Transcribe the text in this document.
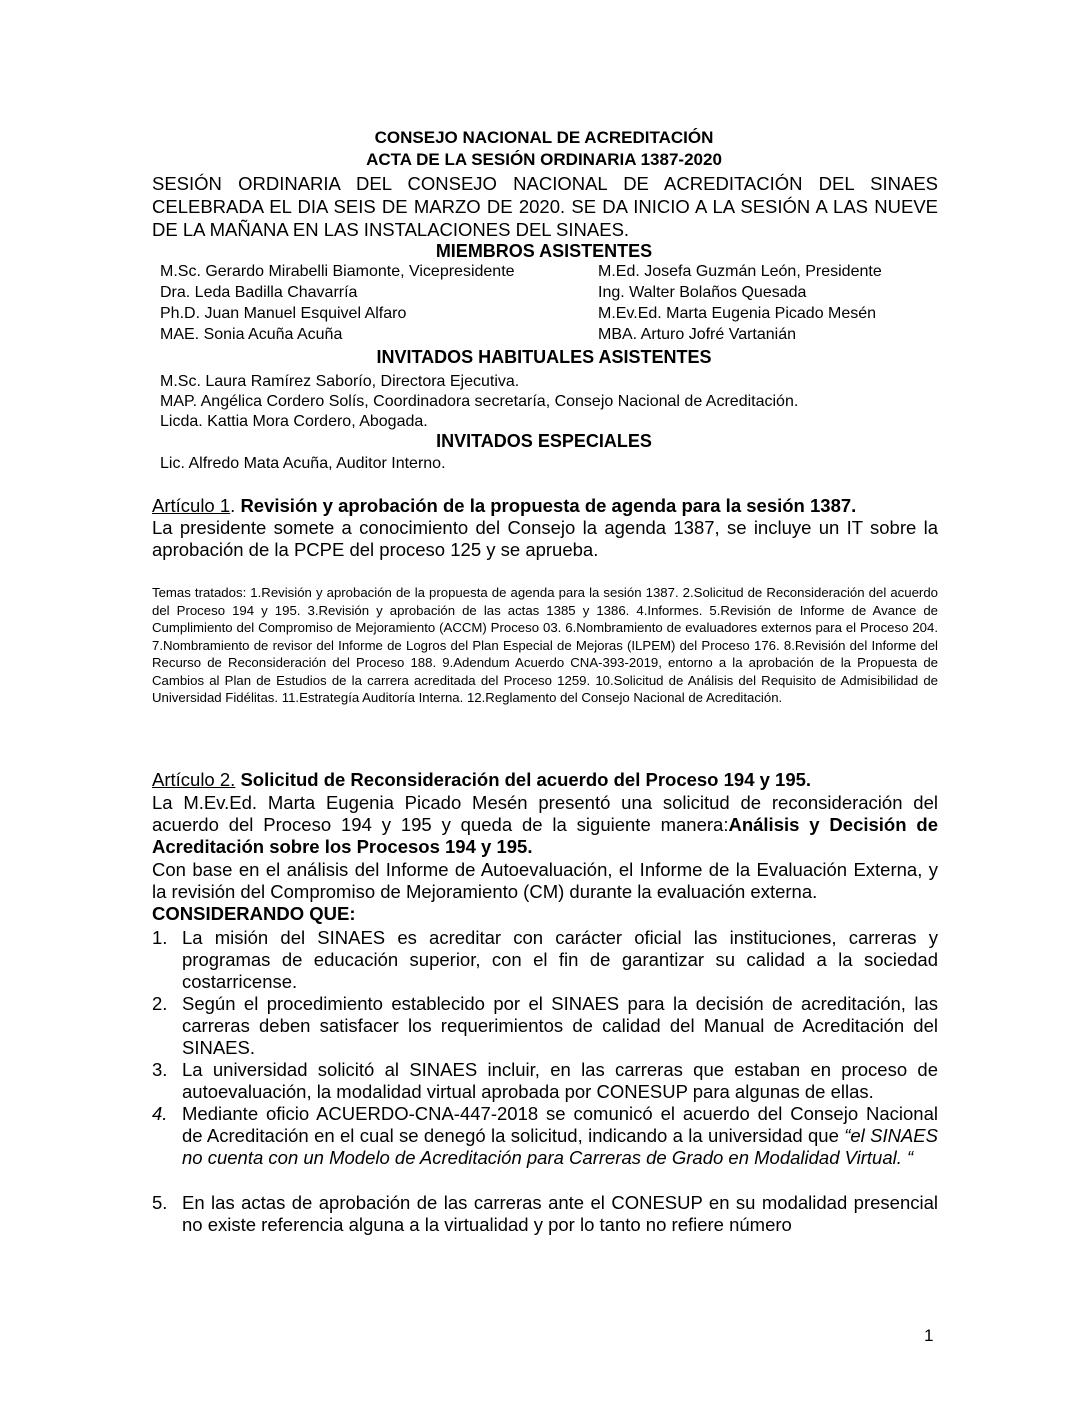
CONSEJO NACIONAL DE ACREDITACIÓN
ACTA DE LA SESIÓN ORDINARIA 1387-2020
SESIÓN ORDINARIA DEL CONSEJO NACIONAL DE ACREDITACIÓN DEL SINAES CELEBRADA EL DIA SEIS DE MARZO DE 2020. SE DA INICIO A LA SESIÓN A LAS NUEVE DE LA MAÑANA EN LAS INSTALACIONES DEL SINAES.
MIEMBROS ASISTENTES
M.Sc. Gerardo Mirabelli Biamonte, Vicepresidente
Dra. Leda Badilla Chavarría
Ph.D. Juan Manuel Esquivel Alfaro
MAE. Sonia Acuña Acuña
M.Ed. Josefa Guzmán León, Presidente
Ing. Walter Bolaños Quesada
M.Ev.Ed. Marta Eugenia Picado Mesén
MBA. Arturo Jofré Vartanián
INVITADOS HABITUALES ASISTENTES
M.Sc. Laura Ramírez Saborío, Directora Ejecutiva.
MAP. Angélica Cordero Solís, Coordinadora secretaría, Consejo Nacional de Acreditación.
Licda. Kattia Mora Cordero, Abogada.
INVITADOS ESPECIALES
Lic. Alfredo Mata Acuña, Auditor Interno.
Artículo 1. Revisión y aprobación de la propuesta de agenda para la sesión 1387.
La presidente somete a conocimiento del Consejo la agenda 1387, se incluye un IT sobre la aprobación de la PCPE del proceso 125 y se aprueba.
Temas tratados: 1.Revisión y aprobación de la propuesta de agenda para la sesión 1387. 2.Solicitud de Reconsideración del acuerdo del Proceso 194 y 195. 3.Revisión y aprobación de las actas 1385 y 1386. 4.Informes. 5.Revisión de Informe de Avance de Cumplimiento del Compromiso de Mejoramiento (ACCM) Proceso 03. 6.Nombramiento de evaluadores externos para el Proceso 204. 7.Nombramiento de revisor del Informe de Logros del Plan Especial de Mejoras (ILPEM) del Proceso 176. 8.Revisión del Informe del Recurso de Reconsideración del Proceso 188. 9.Adendum Acuerdo CNA-393-2019, entorno a la aprobación de la Propuesta de Cambios al Plan de Estudios de la carrera acreditada del Proceso 1259. 10.Solicitud de Análisis del Requisito de Admisibilidad de Universidad Fidélitas. 11.Estrategía Auditoría Interna. 12.Reglamento del Consejo Nacional de Acreditación.
Artículo 2. Solicitud de Reconsideración del acuerdo del Proceso 194 y 195.
La M.Ev.Ed. Marta Eugenia Picado Mesén presentó una solicitud de reconsideración del acuerdo del Proceso 194 y 195 y queda de la siguiente manera:Análisis y Decisión de Acreditación sobre los Procesos 194 y 195.
Con base en el análisis del Informe de Autoevaluación, el Informe de la Evaluación Externa, y la revisión del Compromiso de Mejoramiento (CM) durante la evaluación externa.
CONSIDERANDO QUE:
1. La misión del SINAES es acreditar con carácter oficial las instituciones, carreras y programas de educación superior, con el fin de garantizar su calidad a la sociedad costarricense.
2. Según el procedimiento establecido por el SINAES para la decisión de acreditación, las carreras deben satisfacer los requerimientos de calidad del Manual de Acreditación del SINAES.
3. La universidad solicitó al SINAES incluir, en las carreras que estaban en proceso de autoevaluación, la modalidad virtual aprobada por CONESUP para algunas de ellas.
4. Mediante oficio ACUERDO-CNA-447-2018 se comunicó el acuerdo del Consejo Nacional de Acreditación en el cual se denegó la solicitud, indicando a la universidad que “el SINAES no cuenta con un Modelo de Acreditación para Carreras de Grado en Modalidad Virtual. “
5. En las actas de aprobación de las carreras ante el CONESUP en su modalidad presencial no existe referencia alguna a la virtualidad y por lo tanto no refiere número
1
